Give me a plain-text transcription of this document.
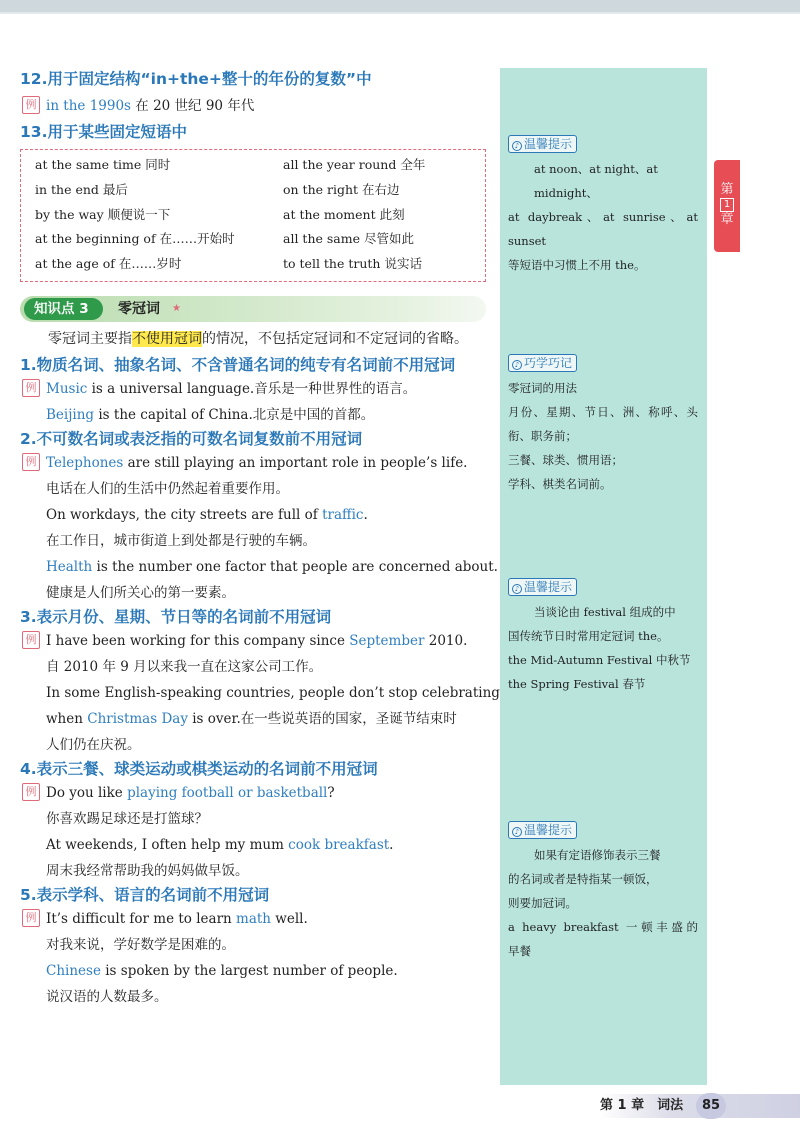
第
1
章
12.用于固定结构“in+the+整十的年份的复数”中
例 in the 1990s 在 20 世纪 90 年代
13.用于某些固定短语中
at the same time 同时	all the year round 全年
in the end 最后	on the right 在右边
by the way 顺便说一下	at the moment 此刻
at the beginning of 在……开始时	all the same 尽管如此
at the age of 在……岁时	to tell the truth 说实话
知识点 3	零冠词 ★
零冠词主要指不使用冠词的情况，不包括定冠词和不定冠词的省略。
1.物质名词、抽象名词、不含普通名词的纯专有名词前不用冠词
例 Music is a universal language.音乐是一种世界性的语言。
Beijing is the capital of China.北京是中国的首都。
2.不可数名词或表泛指的可数名词复数前不用冠词
例 Telephones are still playing an important role in people’s life.
电话在人们的生活中仍然起着重要作用。
On workdays, the city streets are full of traffic.
在工作日，城市街道上到处都是行驶的车辆。
Health is the number one factor that people are concerned about.
健康是人们所关心的第一要素。
3.表示月份、星期、节日等的名词前不用冠词
例 I have been working for this company since September 2010.
自 2010 年 9 月以来我一直在这家公司工作。
In some English-speaking countries, people don’t stop celebrating
when Christmas Day is over.在一些说英语的国家，圣诞节结束时
人们仍在庆祝。
4.表示三餐、球类运动或棋类运动的名词前不用冠词
例 Do you like playing football or basketball?
你喜欢踢足球还是打篮球？
At weekends, I often help my mum cook breakfast.
周末我经常帮助我的妈妈做早饭。
5.表示学科、语言的名词前不用冠词
例 It’s difficult for me to learn math well.
对我来说，学好数学是困难的。
Chinese is spoken by the largest number of people.
说汉语的人数最多。
♪ 温馨提示
at noon、at night、at midnight、
at daybreak、at sunrise、at sunset
等短语中习惯上不用 the。
♪ 巧学巧记
零冠词的用法
月份、星期、节日、洲、称呼、头
衔、职务前；
三餐、球类、惯用语；
学科、棋类名词前。
♪ 温馨提示
当谈论由 festival 组成的中
国传统节日时常用定冠词 the。
the Mid-Autumn Festival 中秋节
the Spring Festival 春节
♪ 温馨提示
如果有定语修饰表示三餐
的名词或者是特指某一顿饭，
则要加冠词。
a heavy breakfast 一顿丰盛的
早餐
第 1 章　词法	85
